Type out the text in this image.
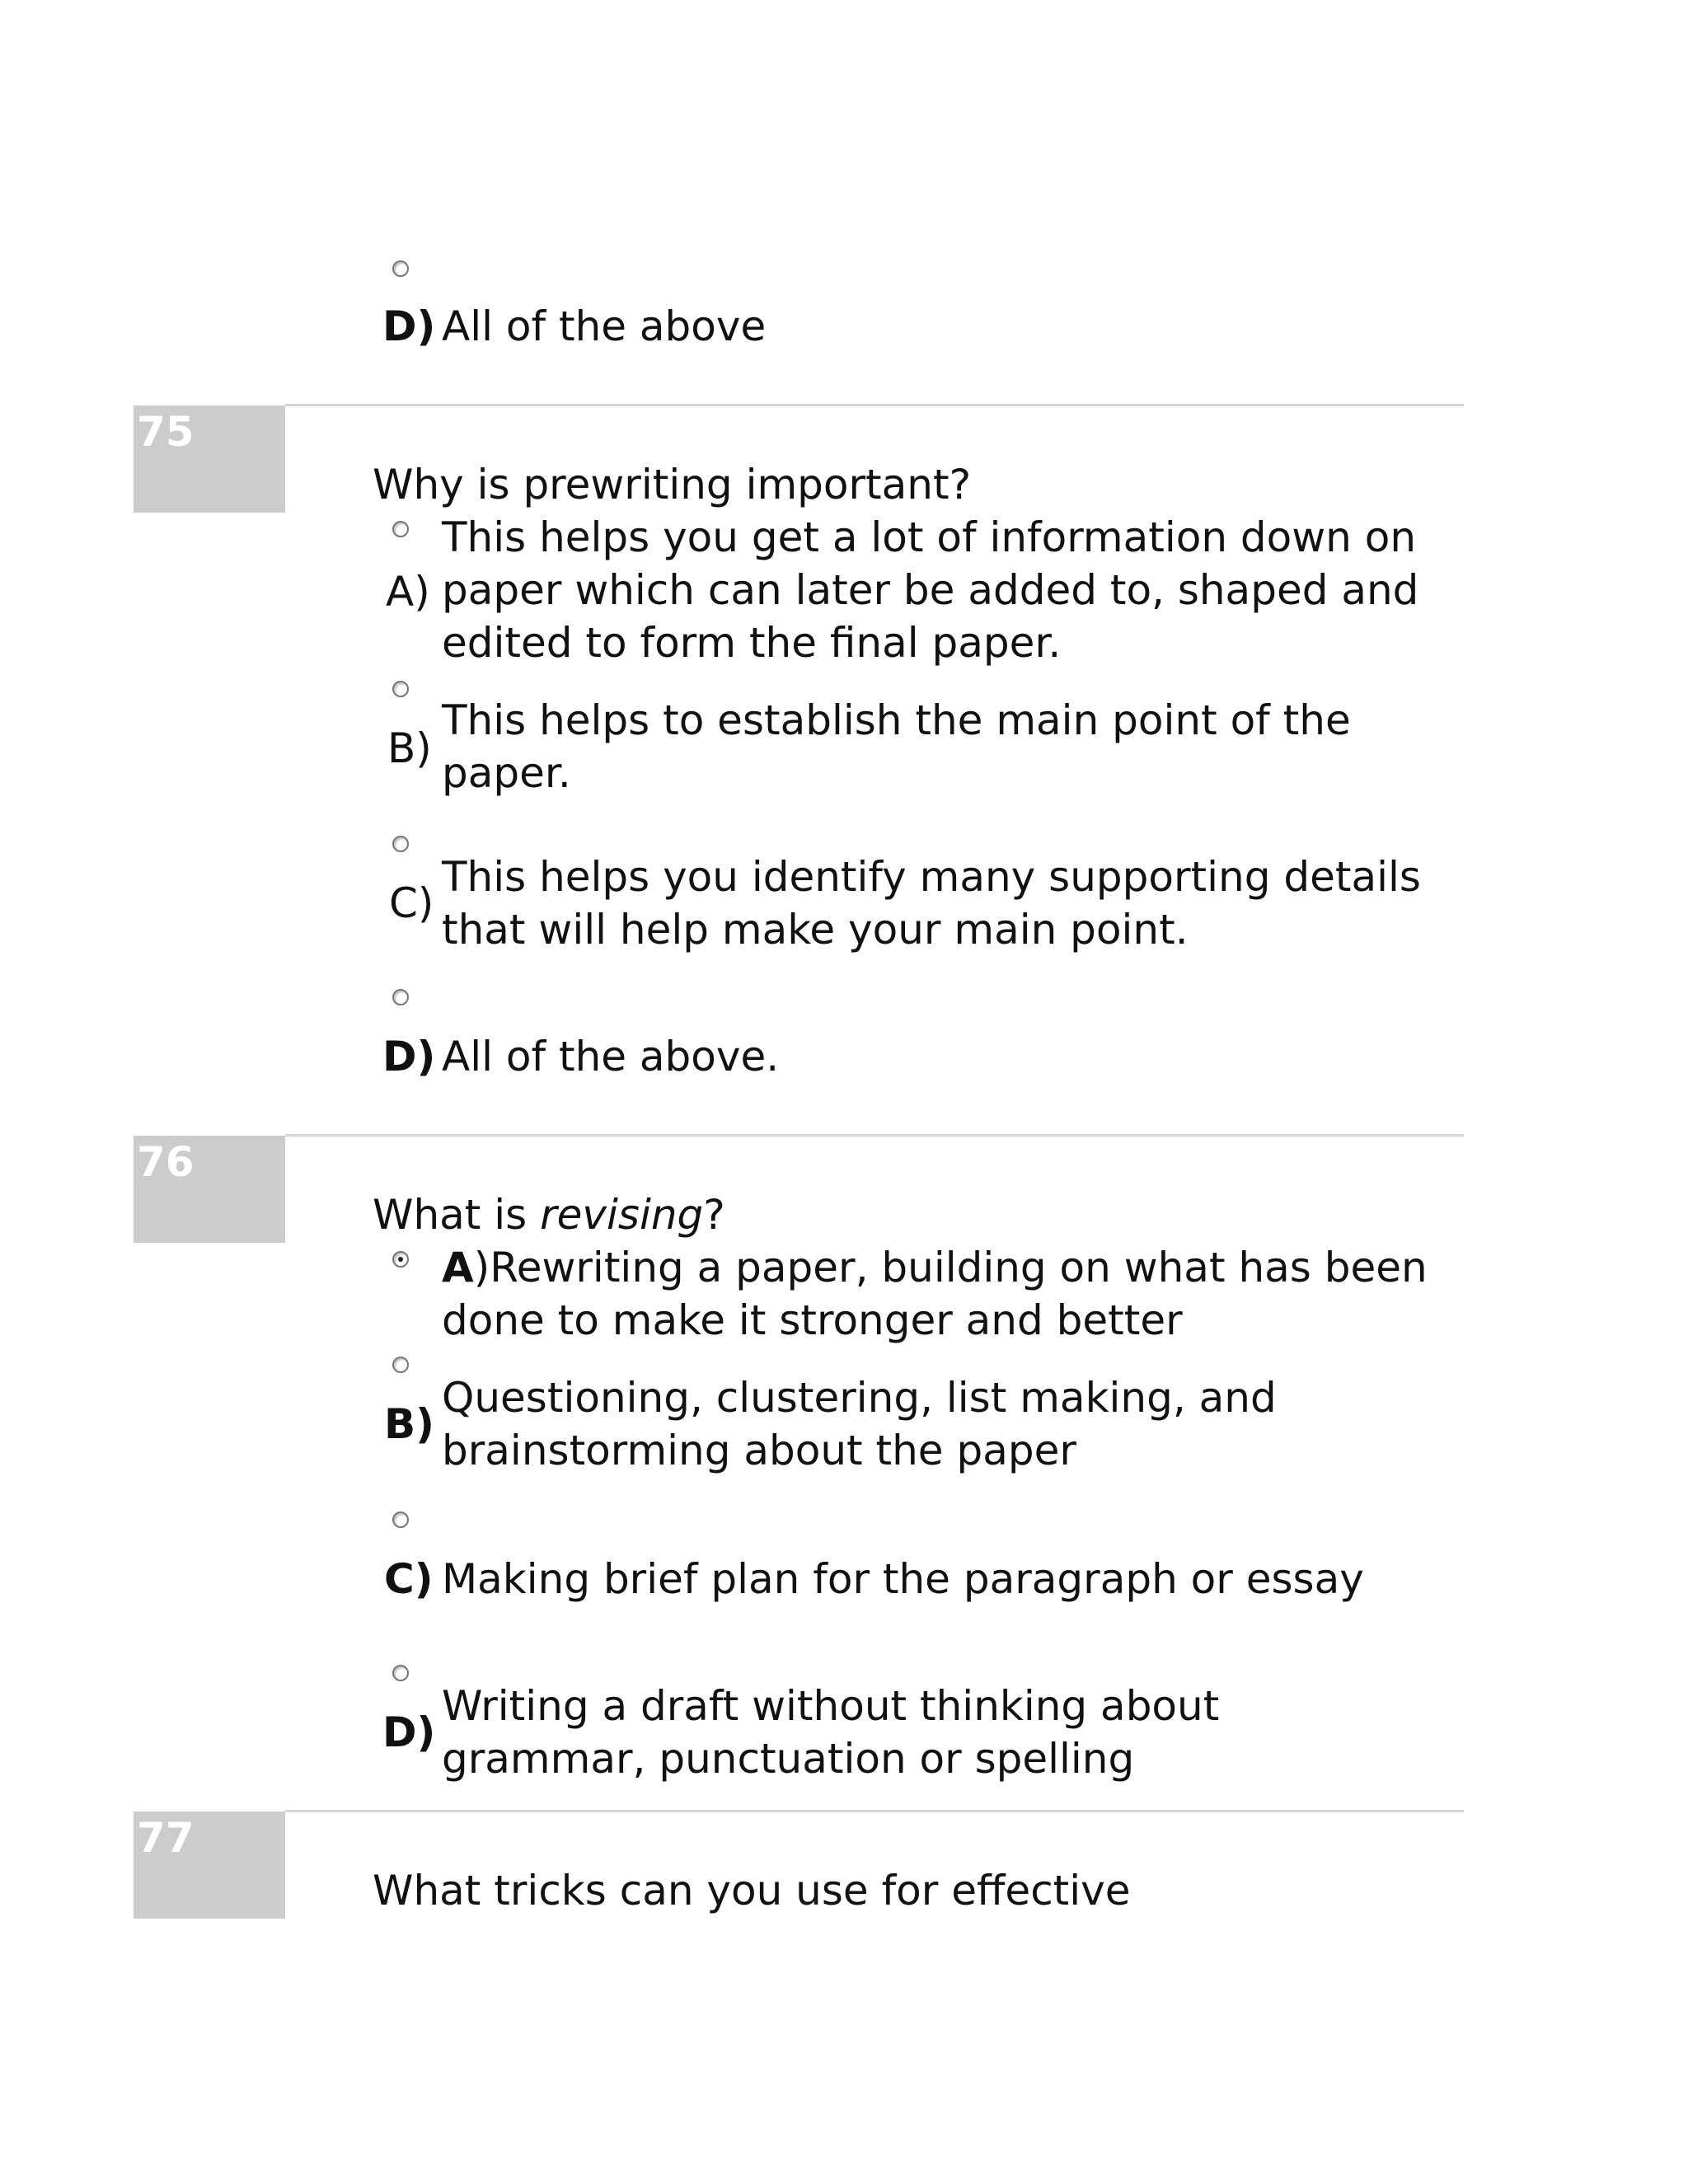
D) All of the above
75
Why is prewriting important?
A)
This helps you get a lot of information down on paper which can later be added to, shaped and edited to form the final paper.
B)
This helps to establish the main point of the paper.
C)
This helps you identify many supporting details that will help make your main point.
D) All of the above.
76
What is revising?
A)Rewriting a paper, building on what has been done to make it stronger and better
B)
Questioning, clustering, list making, and brainstorming about the paper
C) Making brief plan for the paragraph or essay
D)
Writing a draft without thinking about grammar, punctuation or spelling
77
What tricks can you use for effective
